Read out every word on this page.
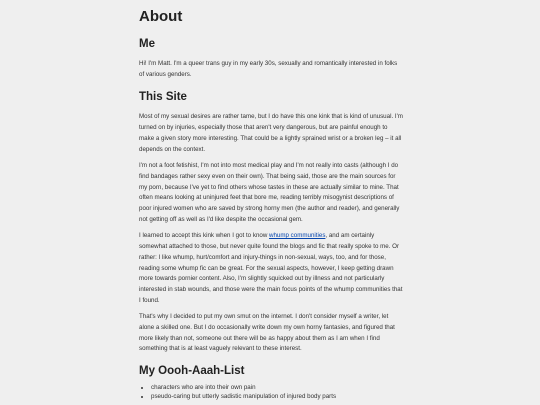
About
Me

Hi! I'm Matt. I'm a queer trans guy in my early 30s, sexually and romantically interested in folks of various genders.

This Site

Most of my sexual desires are rather tame, but I do have this one kink that is kind of unusual. I'm turned on by injuries, especially those that aren't very dangerous, but are painful enough to make a given story more interesting. That could be a lightly sprained wrist or a broken leg – it all depends on the context.

I'm not a foot fetishist, I'm not into most medical play and I'm not really into casts (although I do find bandages rather sexy even on their own). That being said, those are the main sources for my porn, because I've yet to find others whose tastes in these are actually similar to mine. That often means looking at uninjured feet that bore me, reading terribly misogynist descriptions of poor injured women who are saved by strong horny men (the author and reader), and generally not getting off as well as I'd like despite the occasional gem.

I learned to accept this kink when I got to know whump communities, and am certainly somewhat attached to those, but never quite found the blogs and fic that really spoke to me. Or rather: I like whump, hurt/comfort and injury-things in non-sexual, ways, too, and for those, reading some whump fic can be great. For the sexual aspects, however, I keep getting drawn more towards pornier content. Also, I'm slightly squicked out by illness and not particularly interested in stab wounds, and those were the main focus points of the whump communities that I found.

That's why I decided to put my own smut on the internet. I don't consider myself a writer, let alone a skilled one. But I do occasionally write down my own horny fantasies, and figured that more likely than not, someone out there will be as happy about them as I am when I find something that is at least vaguely relevant to these interest.

My Oooh-Aaah-List
• characters who are into their own pain
• pseudo-caring but utterly sadistic manipulation of injured body parts
